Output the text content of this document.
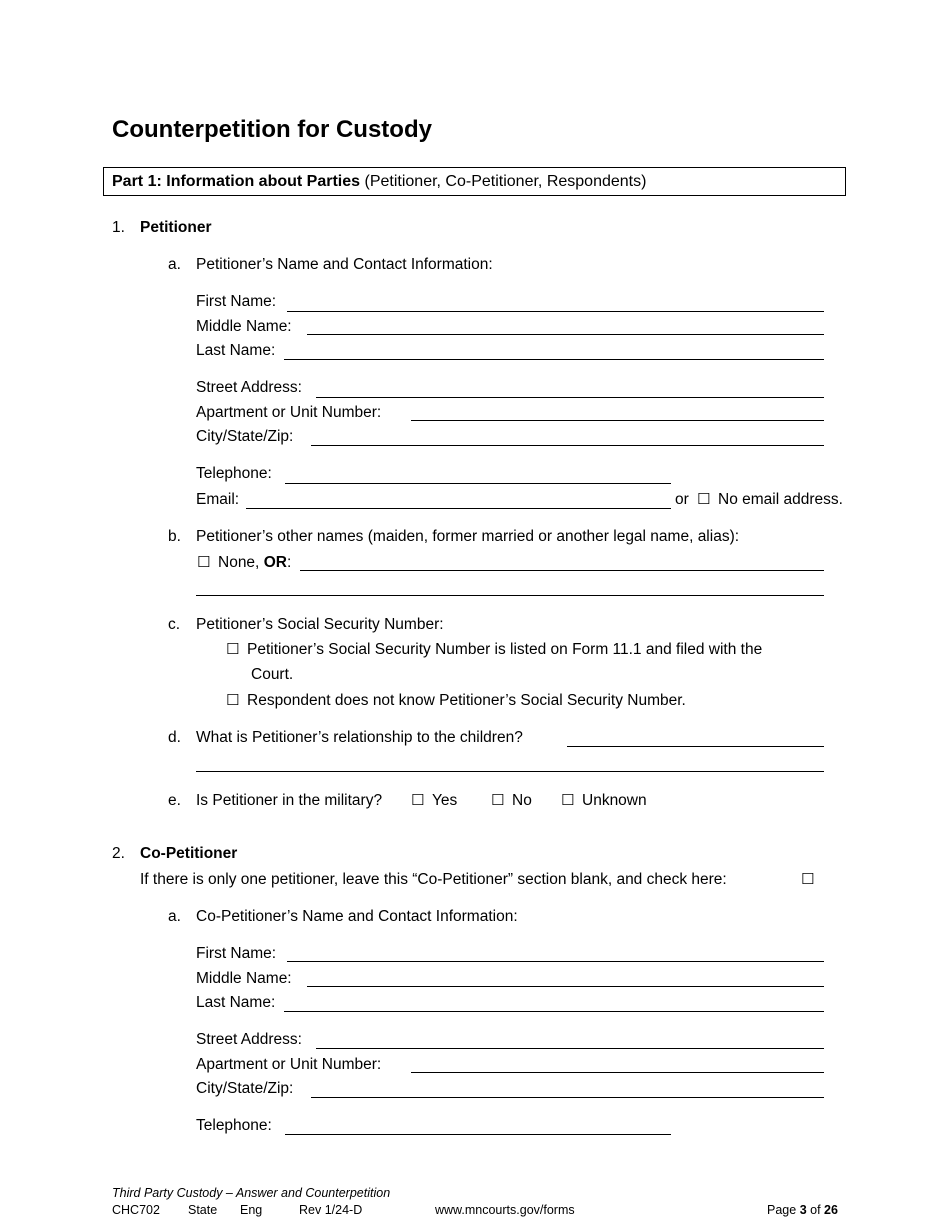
Counterpetition for Custody
Part 1: Information about Parties (Petitioner, Co-Petitioner, Respondents)
1. Petitioner
a. Petitioner’s Name and Contact Information:
First Name:
Middle Name:
Last Name:
Street Address:
Apartment or Unit Number:
City/State/Zip:
Telephone:
Email:	or ☐ No email address.
b. Petitioner’s other names (maiden, former married or another legal name, alias):
☐ None, OR:
c. Petitioner’s Social Security Number:
☐ Petitioner’s Social Security Number is listed on Form 11.1 and filed with the
Court.
☐ Respondent does not know Petitioner’s Social Security Number.
d. What is Petitioner’s relationship to the children?
e. Is Petitioner in the military? ☐ Yes ☐ No ☐ Unknown
2. Co-Petitioner
If there is only one petitioner, leave this “Co-Petitioner” section blank, and check here:	☐
a. Co-Petitioner’s Name and Contact Information:
First Name:
Middle Name:
Last Name:
Street Address:
Apartment or Unit Number:
City/State/Zip:
Telephone:
Third Party Custody – Answer and Counterpetition
CHC702 State Eng	Rev 1/24-D	www.mncourts.gov/forms	Page 3 of 26
